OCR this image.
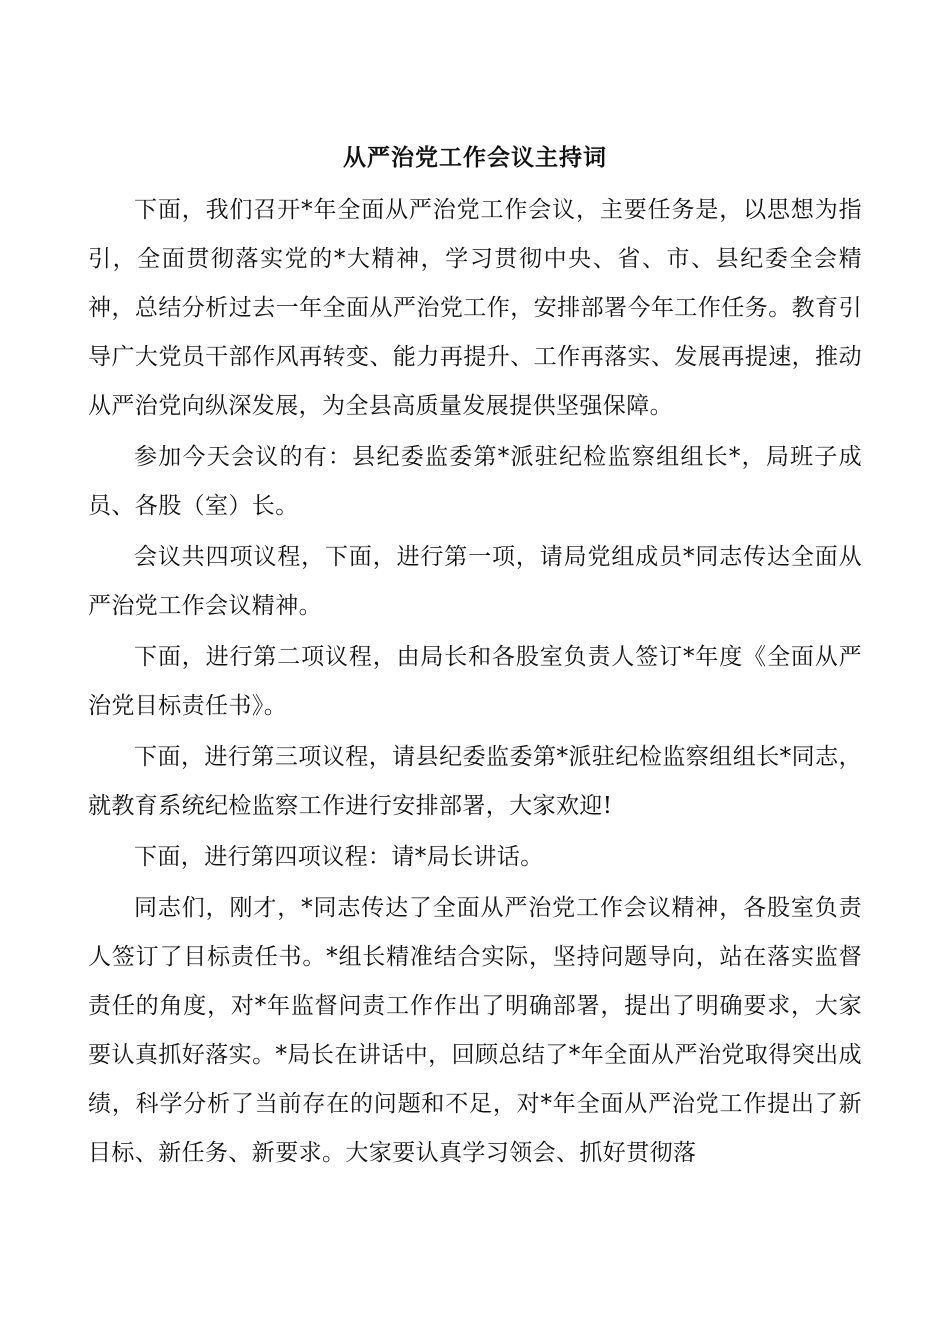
从严治党工作会议主持词

下面，我们召开*年全面从严治党工作会议，主要任务是，以思想为指引，全面贯彻落实党的*大精神，学习贯彻中央、省、市、县纪委全会精神，总结分析过去一年全面从严治党工作，安排部署今年工作任务。教育引导广大党员干部作风再转变、能力再提升、工作再落实、发展再提速，推动从严治党向纵深发展，为全县高质量发展提供坚强保障。

参加今天会议的有：县纪委监委第*派驻纪检监察组组长*，局班子成员、各股（室）长。

会议共四项议程，下面，进行第一项，请局党组成员*同志传达全面从严治党工作会议精神。

下面，进行第二项议程，由局长和各股室负责人签订*年度《全面从严治党目标责任书》。

下面，进行第三项议程，请县纪委监委第*派驻纪检监察组组长*同志，就教育系统纪检监察工作进行安排部署，大家欢迎!

下面，进行第四项议程：请*局长讲话。

同志们，刚才，*同志传达了全面从严治党工作会议精神，各股室负责人签订了目标责任书。*组长精准结合实际，坚持问题导向，站在落实监督责任的角度，对*年监督问责工作作出了明确部署，提出了明确要求，大家要认真抓好落实。*局长在讲话中，回顾总结了*年全面从严治党取得突出成绩，科学分析了当前存在的问题和不足，对*年全面从严治党工作提出了新目标、新任务、新要求。大家要认真学习领会、抓好贯彻落
